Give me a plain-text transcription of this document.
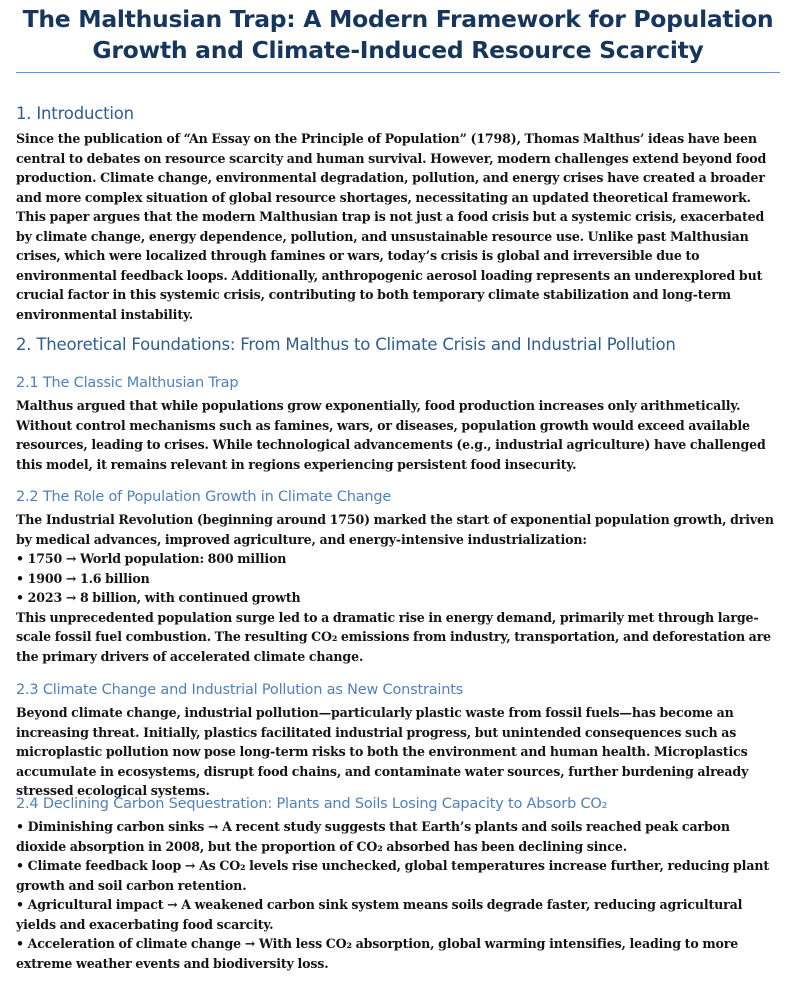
The Malthusian Trap: A Modern Framework for Population Growth and Climate-Induced Resource Scarcity
1. Introduction

Since the publication of “An Essay on the Principle of Population” (1798), Thomas Malthus’ ideas have been central to debates on resource scarcity and human survival. However, modern challenges extend beyond food production. Climate change, environmental degradation, pollution, and energy crises have created a broader and more complex situation of global resource shortages, necessitating an updated theoretical framework.

This paper argues that the modern Malthusian trap is not just a food crisis but a systemic crisis, exacerbated by climate change, energy dependence, pollution, and unsustainable resource use. Unlike past Malthusian crises, which were localized through famines or wars, today’s crisis is global and irreversible due to environmental feedback loops. Additionally, anthropogenic aerosol loading represents an underexplored but crucial factor in this systemic crisis, contributing to both temporary climate stabilization and long-term environmental instability.

2. Theoretical Foundations: From Malthus to Climate Crisis and Industrial Pollution
2.1 The Classic Malthusian Trap

Malthus argued that while populations grow exponentially, food production increases only arithmetically. Without control mechanisms such as famines, wars, or diseases, population growth would exceed available resources, leading to crises. While technological advancements (e.g., industrial agriculture) have challenged this model, it remains relevant in regions experiencing persistent food insecurity.

2.2 The Role of Population Growth in Climate Change

The Industrial Revolution (beginning around 1750) marked the start of exponential population growth, driven by medical advances, improved agriculture, and energy-intensive industrialization:

• 1750 → World population: 800 million

• 1900 → 1.6 billion

• 2023 → 8 billion, with continued growth

This unprecedented population surge led to a dramatic rise in energy demand, primarily met through large-scale fossil fuel combustion. The resulting CO₂ emissions from industry, transportation, and deforestation are the primary drivers of accelerated climate change.

2.3 Climate Change and Industrial Pollution as New Constraints

Beyond climate change, industrial pollution—particularly plastic waste from fossil fuels—has become an increasing threat. Initially, plastics facilitated industrial progress, but unintended consequences such as microplastic pollution now pose long-term risks to both the environment and human health. Microplastics accumulate in ecosystems, disrupt food chains, and contaminate water sources, further burdening already stressed ecological systems.

2.4 Declining Carbon Sequestration: Plants and Soils Losing Capacity to Absorb CO₂

• Diminishing carbon sinks → A recent study suggests that Earth’s plants and soils reached peak carbon dioxide absorption in 2008, but the proportion of CO₂ absorbed has been declining since.

• Climate feedback loop → As CO₂ levels rise unchecked, global temperatures increase further, reducing plant growth and soil carbon retention.

• Agricultural impact → A weakened carbon sink system means soils degrade faster, reducing agricultural yields and exacerbating food scarcity.

• Acceleration of climate change → With less CO₂ absorption, global warming intensifies, leading to more extreme weather events and biodiversity loss.
